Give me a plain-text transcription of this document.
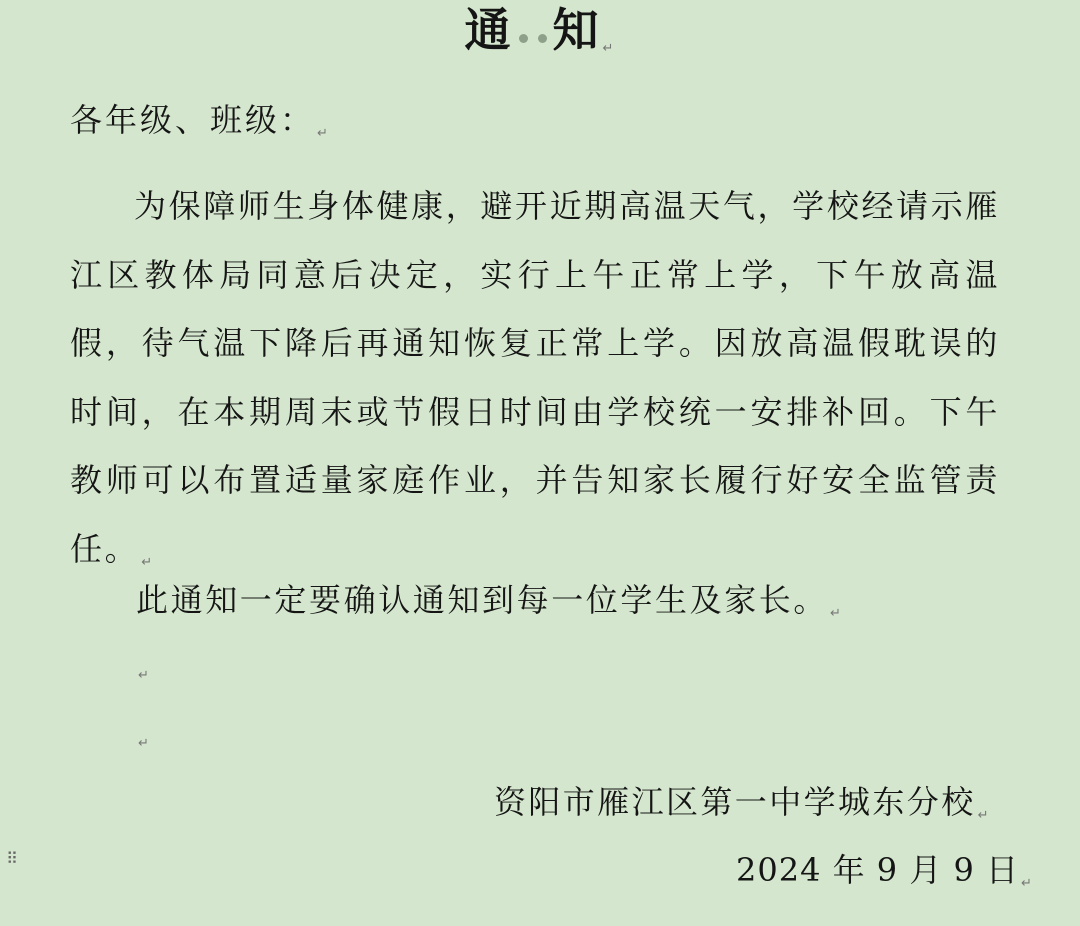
通 知 ↵
各年级、班级： ↵
为保障师生身体健康，避开近期高温天气，学校经请示雁江区教体局同意后决定，实行上午正常上学，下午放高温假，待气温下降后再通知恢复正常上学。因放高温假耽误的时间，在本期周末或节假日时间由学校统一安排补回。下午教师可以布置适量家庭作业，并告知家长履行好安全监管责任。 ↵
此通知一定要确认通知到每一位学生及家长。 ↵
↵
↵
资阳市雁江区第一中学城东分校 ↵
2024 年 9 月 9 日 ↵
⠿
